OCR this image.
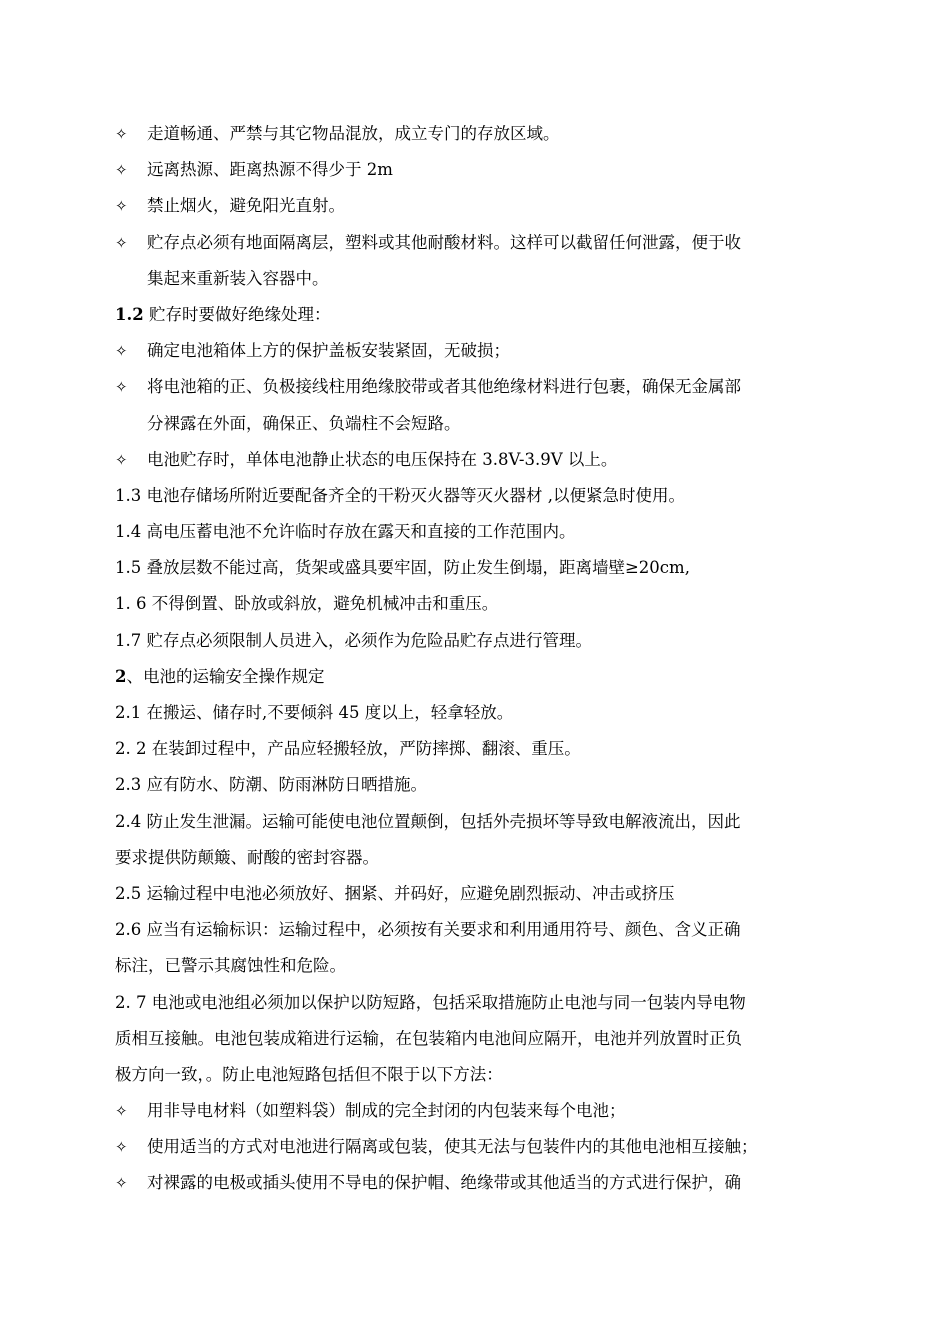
✧ 走道畅通、严禁与其它物品混放，成立专门的存放区域。
✧ 远离热源、距离热源不得少于 2m
✧ 禁止烟火，避免阳光直射。
✧ 贮存点必须有地面隔离层，塑料或其他耐酸材料。这样可以截留任何泄露，便于收
集起来重新装入容器中。
1.2 贮存时要做好绝缘处理：
✧ 确定电池箱体上方的保护盖板安装紧固，无破损；
✧ 将电池箱的正、负极接线柱用绝缘胶带或者其他绝缘材料进行包裹，确保无金属部
分裸露在外面，确保正、负端柱不会短路。
✧ 电池贮存时，单体电池静止状态的电压保持在 3.8V-3.9V 以上。
1.3 电池存储场所附近要配备齐全的干粉灭火器等灭火器材 ,以便紧急时使用。
1.4 高电压蓄电池不允许临时存放在露天和直接的工作范围内。
1.5 叠放层数不能过高，货架或盛具要牢固，防止发生倒塌，距离墙壁≥20cm,
1. 6 不得倒置、卧放或斜放，避免机械冲击和重压。
1.7 贮存点必须限制人员进入，必须作为危险品贮存点进行管理。
2、电池的运输安全操作规定
2.1 在搬运、储存时,不要倾斜 45 度以上，轻拿轻放。
2. 2 在装卸过程中，产品应轻搬轻放，严防摔掷、翻滚、重压。
2.3 应有防水、防潮、防雨淋防日晒措施。
2.4 防止发生泄漏。运输可能使电池位置颠倒，包括外壳损坏等导致电解液流出，因此
要求提供防颠簸、耐酸的密封容器。
2.5 运输过程中电池必须放好、捆紧、并码好，应避免剧烈振动、冲击或挤压
2.6 应当有运输标识：运输过程中，必须按有关要求和利用通用符号、颜色、含义正确
标注，已警示其腐蚀性和危险。
2. 7 电池或电池组必须加以保护以防短路，包括采取措施防止电池与同一包装内导电物
质相互接触。电池包装成箱进行运输，在包装箱内电池间应隔开，电池并列放置时正负
极方向一致，。防止电池短路包括但不限于以下方法：
✧ 用非导电材料（如塑料袋）制成的完全封闭的内包装来每个电池；
✧ 使用适当的方式对电池进行隔离或包装，使其无法与包装件内的其他电池相互接触；
✧ 对裸露的电极或插头使用不导电的保护帽、绝缘带或其他适当的方式进行保护，确
